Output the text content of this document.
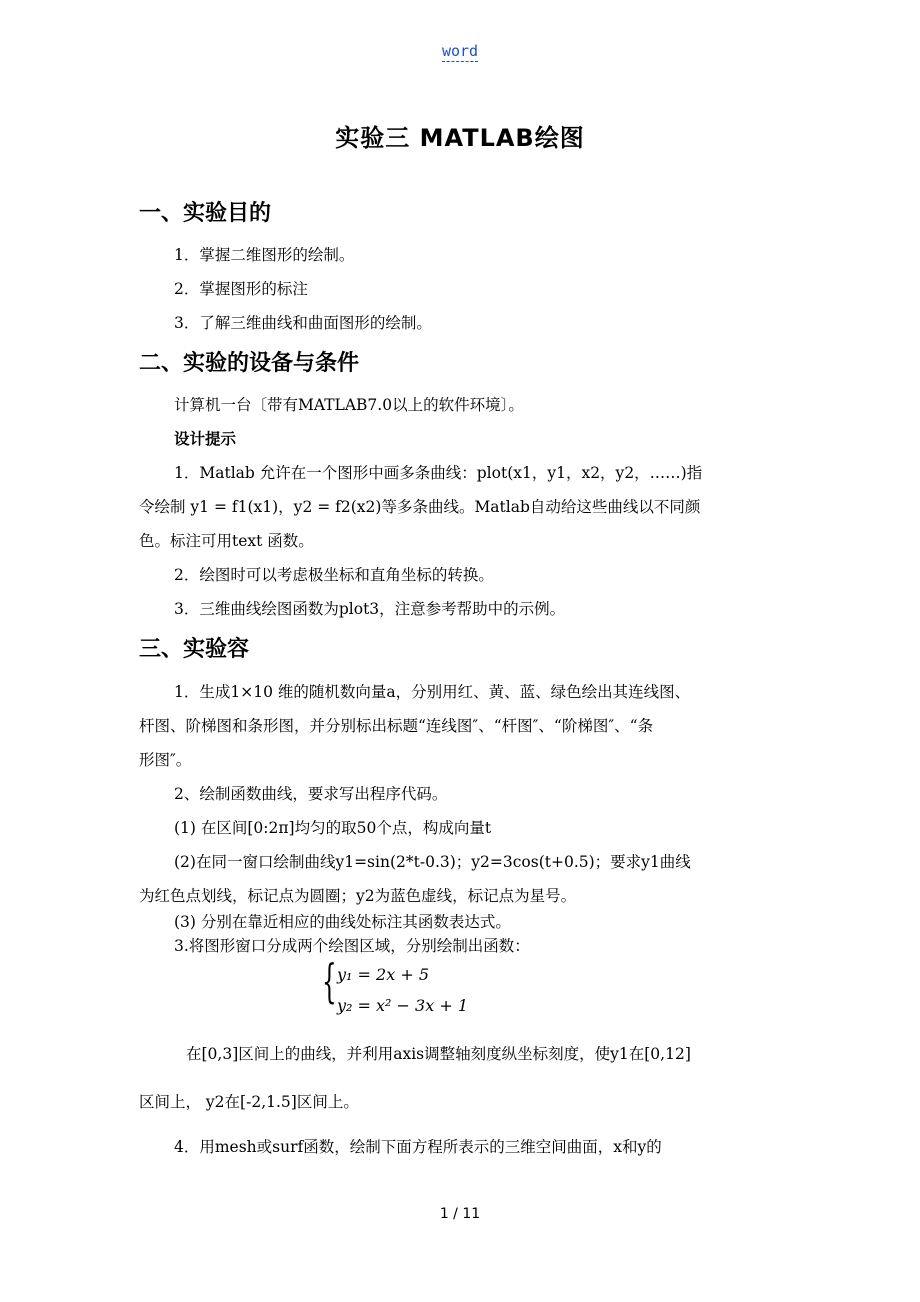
word
实验三 MATLAB绘图
一、实验目的
1．掌握二维图形的绘制。
2．掌握图形的标注
3．了解三维曲线和曲面图形的绘制。
二、实验的设备与条件
计算机一台〔带有MATLAB7.0以上的软件环境〕。
设计提示
1．Matlab 允许在一个图形中画多条曲线：plot(x1，y1，x2，y2，……)指
令绘制 y1 = f1(x1)，y2 = f2(x2)等多条曲线。Matlab自动给这些曲线以不同颜
色。标注可用text 函数。
2．绘图时可以考虑极坐标和直角坐标的转换。
3．三维曲线绘图函数为plot3，注意参考帮助中的示例。
三、实验容
1．生成1×10 维的随机数向量a，分别用红、黄、蓝、绿色绘出其连线图、
杆图、阶梯图和条形图，并分别标出标题“连线图″、“杆图″、“阶梯图″、“条
形图″。
2、绘制函数曲线，要求写出程序代码。
(1) 在区间[0:2π]均匀的取50个点，构成向量t
(2)在同一窗口绘制曲线y1=sin(2*t-0.3)；y2=3cos(t+0.5)；要求y1曲线
为红色点划线，标记点为圆圈；y2为蓝色虚线，标记点为星号。
(3) 分别在靠近相应的曲线处标注其函数表达式。
3.将图形窗口分成两个绘图区域，分别绘制出函数：
{ y₁ = 2x + 5
y₂ = x² − 3x + 1
在[0,3]区间上的曲线，并利用axis调整轴刻度纵坐标刻度，使y1在[0,12]
区间上， y2在[-2,1.5]区间上。
4．用mesh或surf函数，绘制下面方程所表示的三维空间曲面，x和y的
1 / 11
